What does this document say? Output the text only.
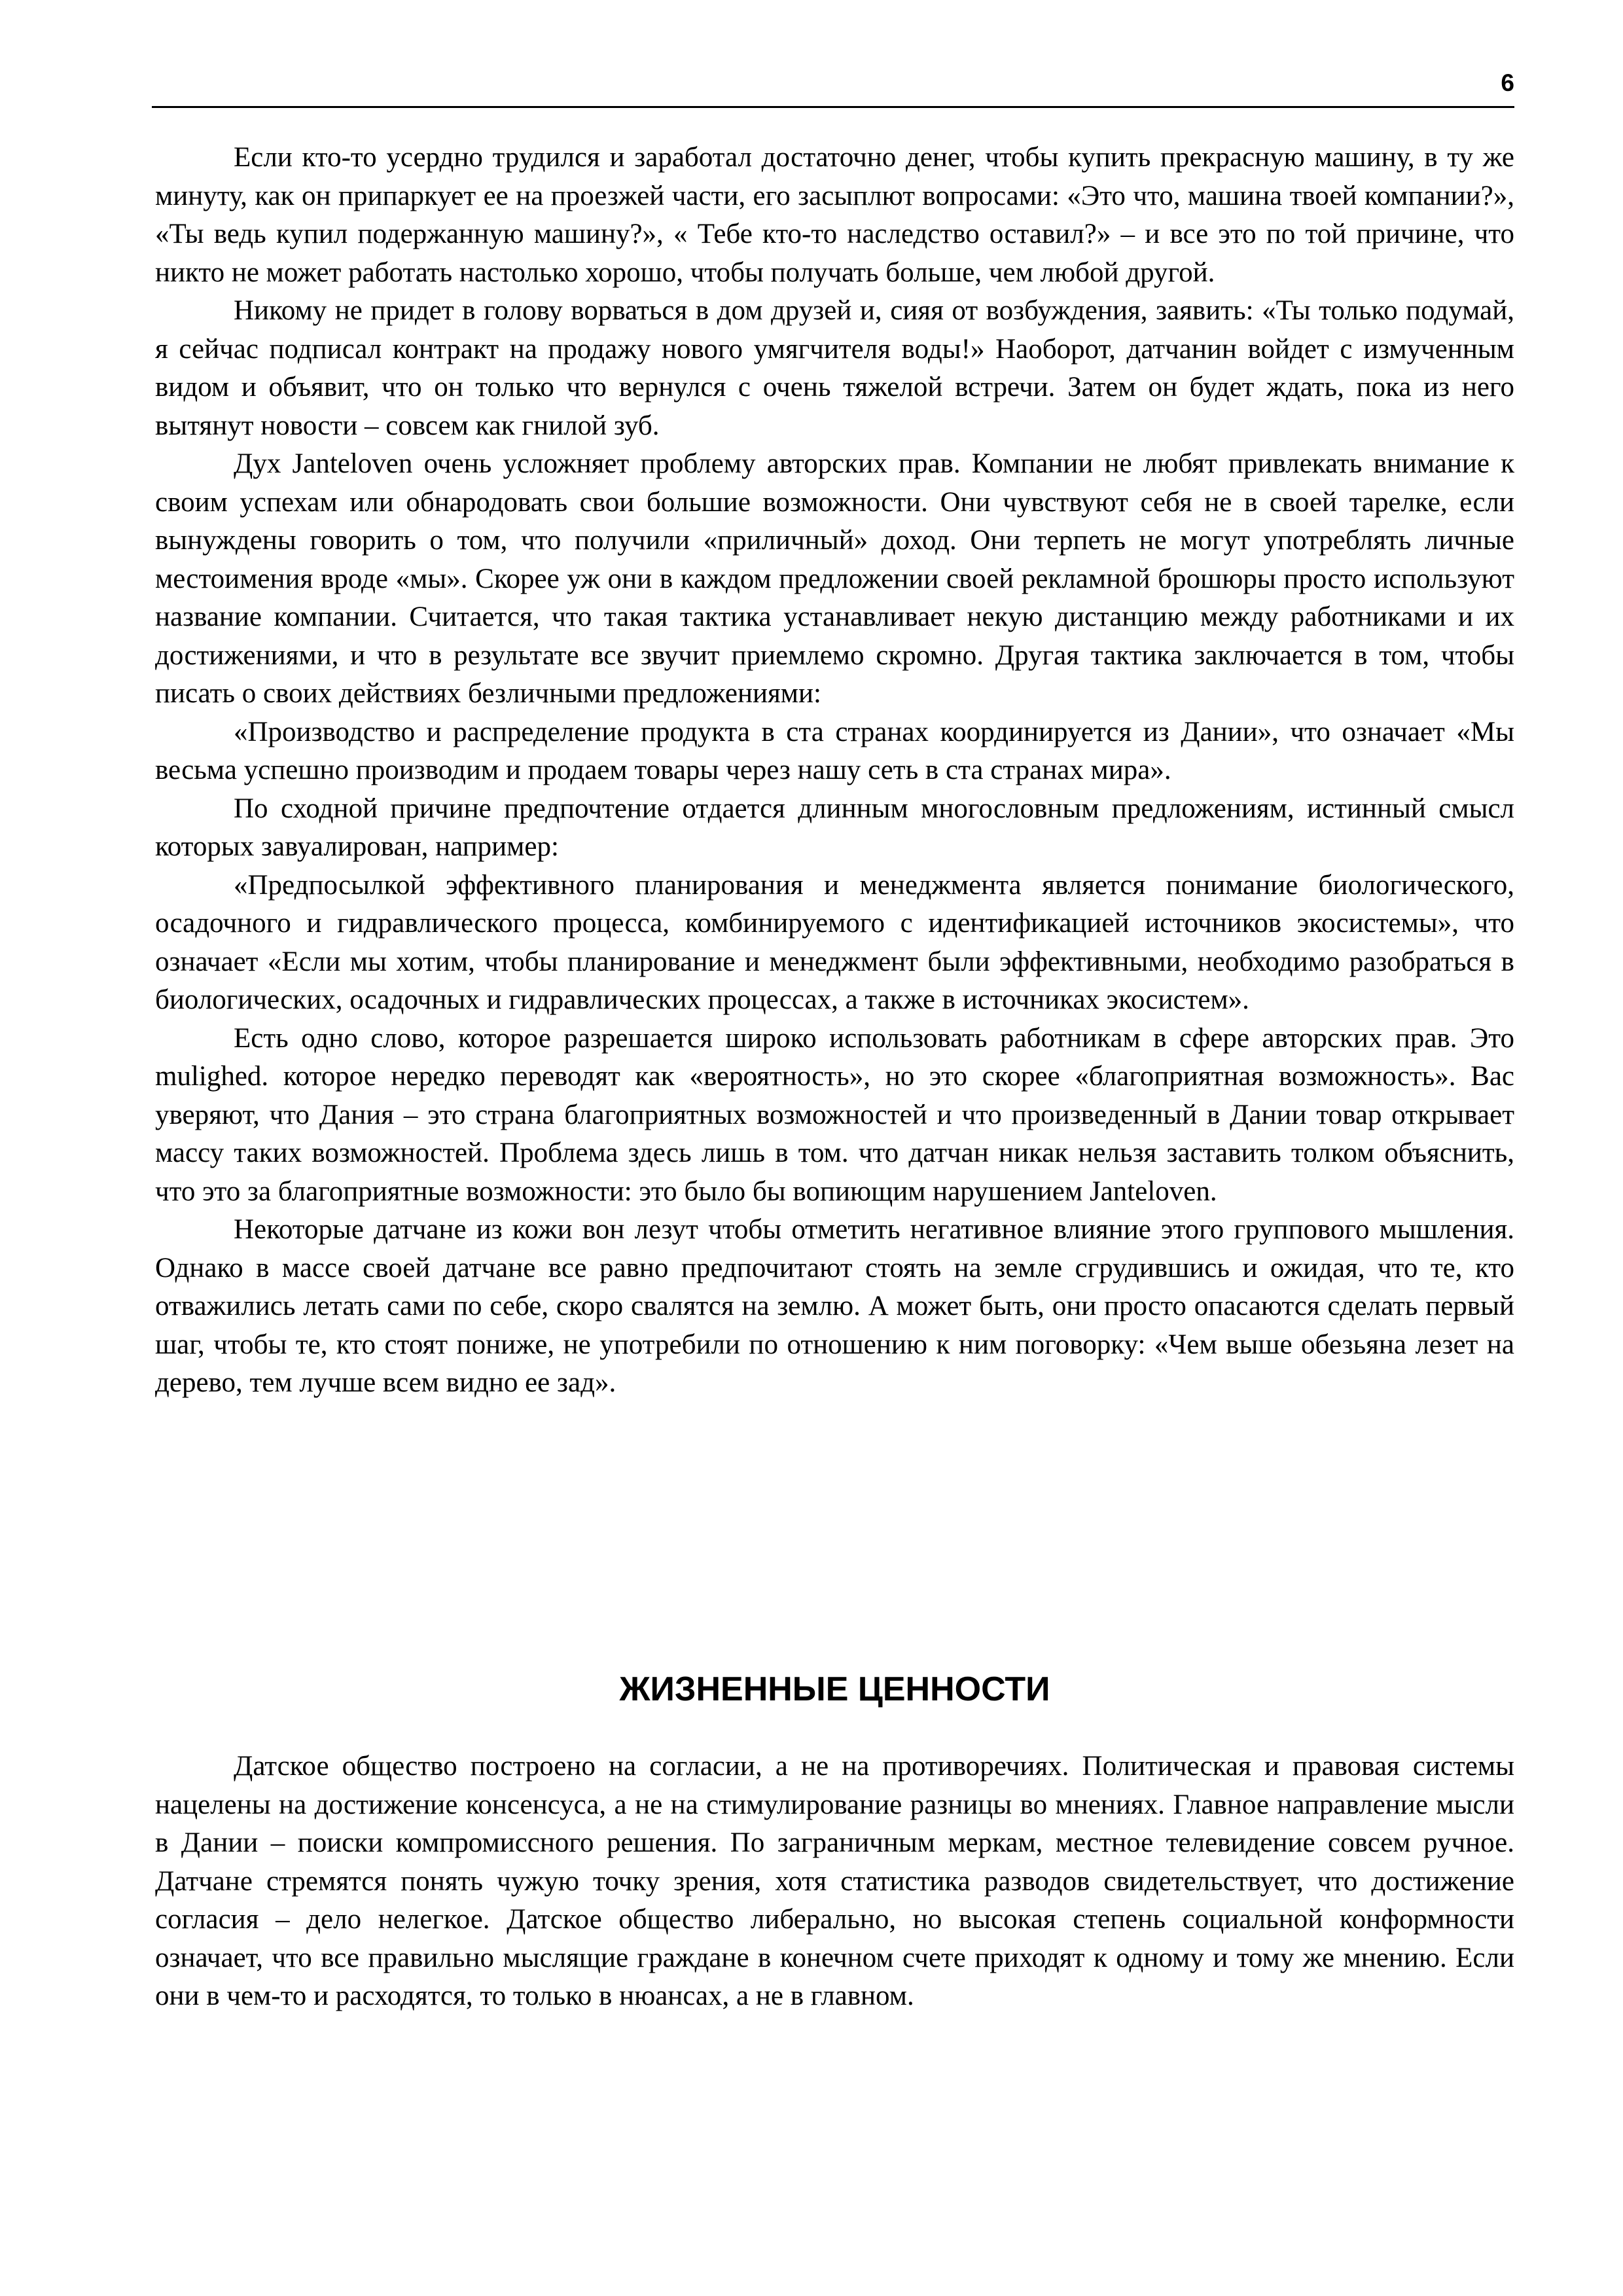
6

Если кто-то усердно трудился и заработал достаточно денег, чтобы купить прекрасную машину, в ту же минуту, как он припаркует ее на проезжей части, его засыплют вопросами: «Это что, машина твоей компании?», «Ты ведь купил подержанную машину?», « Тебе кто-то наследство оставил?» – и все это по той причине, что никто не может работать настолько хорошо, чтобы получать больше, чем любой другой.

Никому не придет в голову ворваться в дом друзей и, сияя от возбуждения, заявить: «Ты только подумай, я сейчас подписал контракт на продажу нового умягчителя воды!» Наоборот, датчанин войдет с измученным видом и объявит, что он только что вернулся с очень тяжелой встречи. Затем он будет ждать, пока из него вытянут новости – совсем как гнилой зуб.

Дух Janteloven очень усложняет проблему авторских прав. Компании не любят привлекать внимание к своим успехам или обнародовать свои большие возможности. Они чувствуют себя не в своей тарелке, если вынуждены говорить о том, что получили «приличный» доход. Они терпеть не могут употреблять личные местоимения вроде «мы». Скорее уж они в каждом предложении своей рекламной брошюры просто используют название компании. Считается, что такая тактика устанавливает некую дистанцию между работниками и их достижениями, и что в результате все звучит приемлемо скромно. Другая тактика заключается в том, чтобы писать о своих действиях безличными предложениями:

«Производство и распределение продукта в ста странах координируется из Дании», что означает «Мы весьма успешно производим и продаем товары через нашу сеть в ста странах мира».

По сходной причине предпочтение отдается длинным многословным предложениям, истинный смысл которых завуалирован, например:

«Предпосылкой эффективного планирования и менеджмента является понимание биологического, осадочного и гидравлического процесса, комбинируемого с идентификацией источников экосистемы», что означает «Если мы хотим, чтобы планирование и менеджмент были эффективными, необходимо разобраться в биологических, осадочных и гидравлических процессах, а также в источниках экосистем».

Есть одно слово, которое разрешается широко использовать работникам в сфере авторских прав. Это mulighed. которое нередко переводят как «вероятность», но это скорее «благоприятная возможность». Вас уверяют, что Дания – это страна благоприятных возможностей и что произведенный в Дании товар открывает массу таких возможностей. Проблема здесь лишь в том. что датчан никак нельзя заставить толком объяснить, что это за благоприятные возможности: это было бы вопиющим нарушением Janteloven.

Некоторые датчане из кожи вон лезут чтобы отметить негативное влияние этого группового мышления. Однако в массе своей датчане все равно предпочитают стоять на земле сгрудившись и ожидая, что те, кто отважились летать сами по себе, скоро свалятся на землю. А может быть, они просто опасаются сделать первый шаг, чтобы те, кто стоят пониже, не употребили по отношению к ним поговорку: «Чем выше обезьяна лезет на дерево, тем лучше всем видно ее зад».

ЖИЗНЕННЫЕ ЦЕННОСТИ

Датское общество построено на согласии, а не на противоречиях. Политическая и правовая системы нацелены на достижение консенсуса, а не на стимулирование разницы во мнениях. Главное направление мысли в Дании – поиски компромиссного решения. По заграничным меркам, местное телевидение совсем ручное. Датчане стремятся понять чужую точку зрения, хотя статистика разводов свидетельствует, что достижение согласия – дело нелегкое. Датское общество либерально, но высокая степень социальной конформности означает, что все правильно мыслящие граждане в конечном счете приходят к одному и тому же мнению. Если они в чем-то и расходятся, то только в нюансах, а не в главном.
